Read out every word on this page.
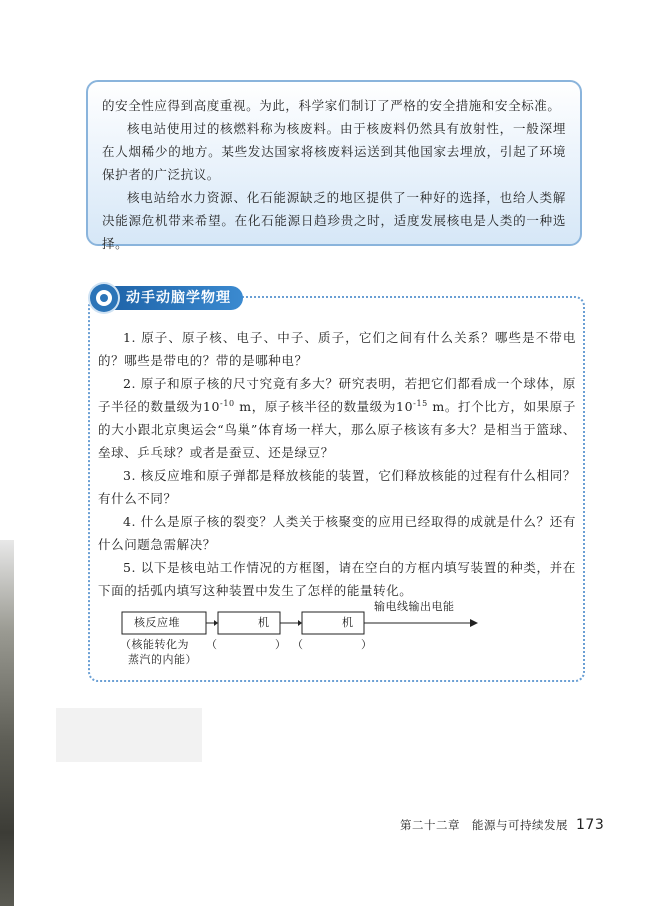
的安全性应得到高度重视。为此，科学家们制订了严格的安全措施和安全标准。

核电站使用过的核燃料称为核废料。由于核废料仍然具有放射性，一般深埋在人烟稀少的地方。某些发达国家将核废料运送到其他国家去埋放，引起了环境保护者的广泛抗议。

核电站给水力资源、化石能源缺乏的地区提供了一种好的选择，也给人类解决能源危机带来希望。在化石能源日趋珍贵之时，适度发展核电是人类的一种选择。

动手动脑学物理

1. 原子、原子核、电子、中子、质子，它们之间有什么关系？哪些是不带电的？哪些是带电的？带的是哪种电？

2. 原子和原子核的尺寸究竟有多大？研究表明，若把它们都看成一个球体，原子半径的数量级为$10^{-10}$ m，原子核半径的数量级为$10^{-15}$ m。打个比方，如果原子的大小跟北京奥运会“鸟巢”体育场一样大，那么原子核该有多大？是相当于篮球、垒球、乒乓球？或者是蚕豆、还是绿豆？

3. 核反应堆和原子弹都是释放核能的装置，它们释放核能的过程有什么相同？有什么不同？

4. 什么是原子核的裂变？人类关于核聚变的应用已经取得的成就是什么？还有什么问题急需解决？

5. 以下是核电站工作情况的方框图，请在空白的方框内填写装置的种类，并在下面的括弧内填写这种装置中发生了怎样的能量转化。

核反应堆	机	机
输电线输出电能
（核能转化为
蒸汽的内能）
（　　　　　） （　　　　　）
第二十二章　能源与可持续发展 173
